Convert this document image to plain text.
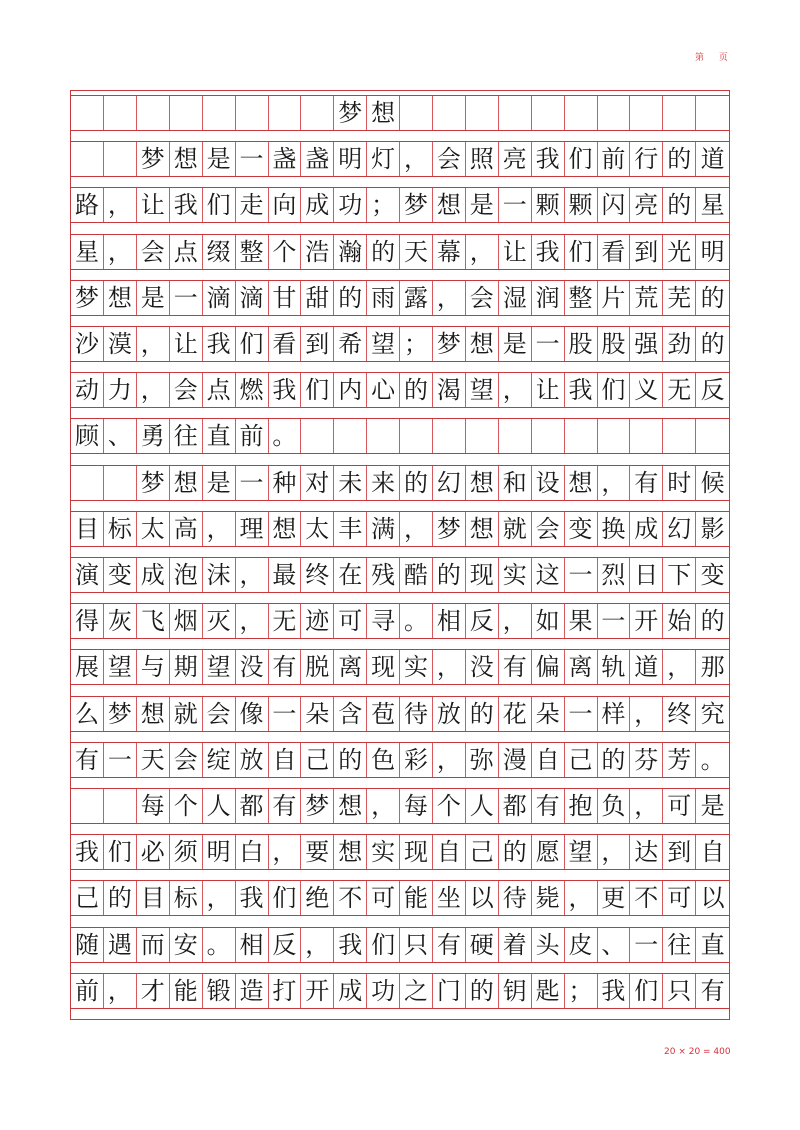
第 页
梦 想
梦 想 是 一 盏 盏 明 灯 ， 会 照 亮 我 们 前 行 的 道
路 ， 让 我 们 走 向 成 功 ； 梦 想 是 一 颗 颗 闪 亮 的 星
星 ， 会 点 缀 整 个 浩 瀚 的 天 幕 ， 让 我 们 看 到 光 明
梦 想 是 一 滴 滴 甘 甜 的 雨 露 ， 会 湿 润 整 片 荒 芜 的
沙 漠 ， 让 我 们 看 到 希 望 ； 梦 想 是 一 股 股 强 劲 的
动 力 ， 会 点 燃 我 们 内 心 的 渴 望 ， 让 我 们 义 无 反
顾 、 勇 往 直 前 。
梦 想 是 一 种 对 未 来 的 幻 想 和 设 想 ， 有 时 候
目 标 太 高 ， 理 想 太 丰 满 ， 梦 想 就 会 变 换 成 幻 影
演 变 成 泡 沫 ， 最 终 在 残 酷 的 现 实 这 一 烈 日 下 变
得 灰 飞 烟 灭 ， 无 迹 可 寻 。 相 反 ， 如 果 一 开 始 的
展 望 与 期 望 没 有 脱 离 现 实 ， 没 有 偏 离 轨 道 ， 那
么 梦 想 就 会 像 一 朵 含 苞 待 放 的 花 朵 一 样 ， 终 究
有 一 天 会 绽 放 自 己 的 色 彩 ， 弥 漫 自 己 的 芬 芳 。
每 个 人 都 有 梦 想 ， 每 个 人 都 有 抱 负 ， 可 是
我 们 必 须 明 白 ， 要 想 实 现 自 己 的 愿 望 ， 达 到 自
己 的 目 标 ， 我 们 绝 不 可 能 坐 以 待 毙 ， 更 不 可 以
随 遇 而 安 。 相 反 ， 我 们 只 有 硬 着 头 皮 、 一 往 直
前 ， 才 能 锻 造 打 开 成 功 之 门 的 钥 匙 ； 我 们 只 有
20 × 20 = 400
